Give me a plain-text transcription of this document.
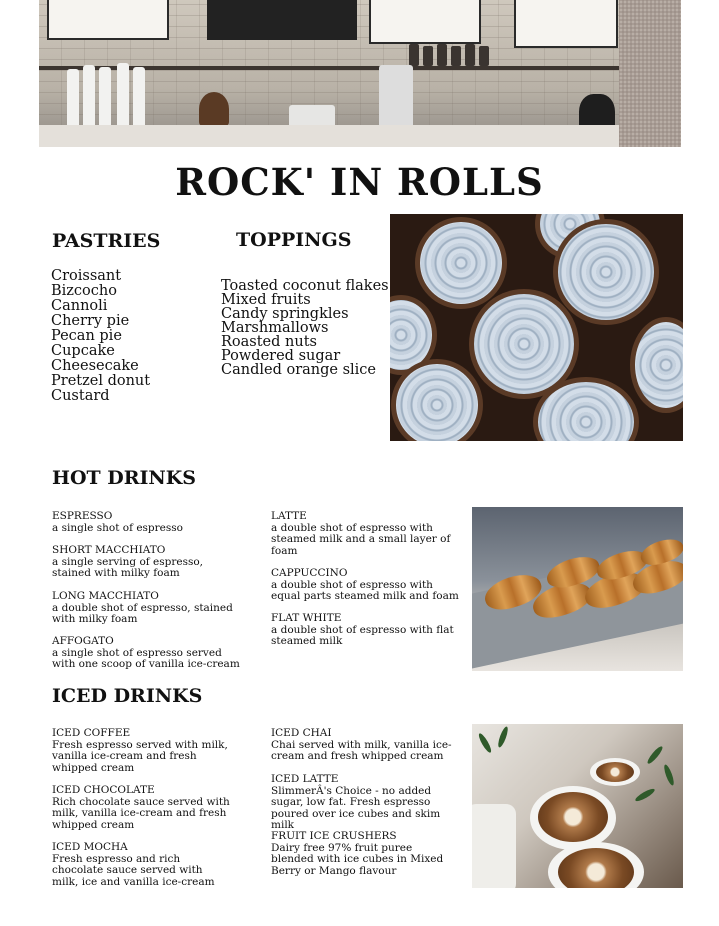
ROCK' IN ROLLS
PASTRIES
Croissant
Bizcocho
Cannoli
Cherry pie
Pecan pie
Cupcake
Cheesecake
Pretzel donut
Custard
TOPPINGS
Toasted coconut flakes
Mixed fruits
Candy springkles
Marshmallows
Roasted nuts
Powdered sugar
Candled orange slice
HOT DRINKS
ESPRESSO
a single shot of espresso
SHORT MACCHIATO
a single serving of espresso, stained with milky foam
LONG MACCHIATO
a double shot of espresso, stained with milky foam
AFFOGATO
a single shot of espresso served with one scoop of vanilla ice-cream
LATTE
a double shot of espresso with steamed milk and a small layer of foam
CAPPUCCINO
a double shot of espresso with equal parts steamed milk and foam
FLAT WHITE
a double shot of espresso with flat steamed milk
ICED DRINKS
ICED COFFEE
Fresh espresso served with milk, vanilla ice-cream and fresh whipped cream
ICED CHOCOLATE
Rich chocolate sauce served with milk, vanilla ice-cream and fresh whipped cream
ICED MOCHA
Fresh espresso and rich chocolate sauce served with milk, ice and vanilla ice-cream
ICED CHAI
Chai served with milk, vanilla ice-cream and fresh whipped cream
ICED LATTE
SlimmerÂ's Choice - no added sugar, low fat. Fresh espresso poured over ice cubes and skim milk
FRUIT ICE CRUSHERS
Dairy free 97% fruit puree blended with ice cubes in Mixed Berry or Mango flavour
